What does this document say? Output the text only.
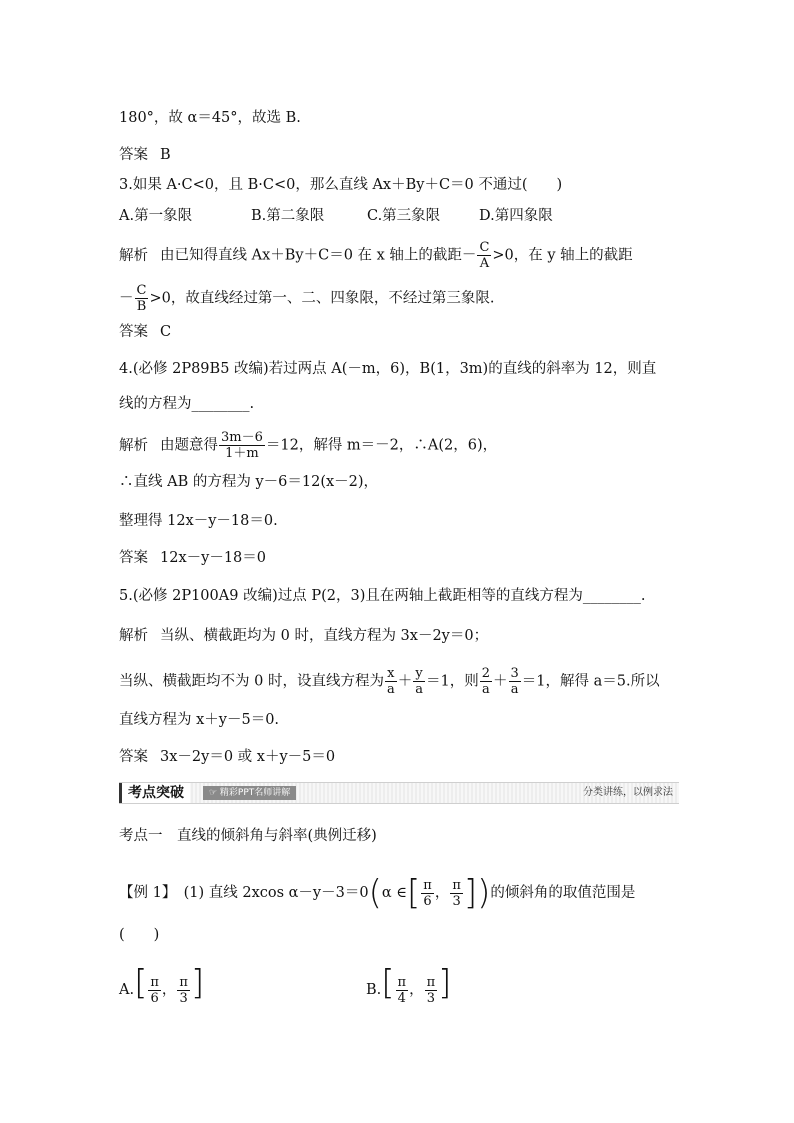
180°，故 α＝45°，故选 B.
答案 B
3.如果 A·C<0，且 B·C<0，那么直线 Ax＋By＋C＝0 不通过(　　)
A.第一象限	B.第二象限	C.第三象限	D.第四象限
解析 由已知得直线 Ax＋By＋C＝0 在 x 轴上的截距－ $\frac{C}{A} >0$，在 y 轴上的截距
－ $\frac{C}{B} >0$，故直线经过第一、二、四象限，不经过第三象限.
答案 C
4.(必修 2P89B5 改编)若过两点 A(－m，6)，B(1，3m)的直线的斜率为 12，则直
线的方程为________.
解析 由题意得 $\frac{3m-6}{1+m} =12$，解得 m＝－2，∴A(2，6)，
∴直线 AB 的方程为 y－6＝12(x－2)，
整理得 12x－y－18＝0.
答案 12x－y－18＝0
5.(必修 2P100A9 改编)过点 P(2，3)且在两轴上截距相等的直线方程为________.
解析 当纵、横截距均为 0 时，直线方程为 3x－2y＝0；
当纵、横截距均不为 0 时，设直线方程为 $\frac{x}{a} + \frac{y}{a} =1$，则 $\frac{2}{a} + \frac{3}{a} =1$，解得 a＝5.所以
直线方程为 x＋y－5＝0.
答案 3x－2y＝0 或 x＋y－5＝0
考点突破	☞ 精彩PPT名师讲解	分类讲练，以例求法
考点一　直线的倾斜角与斜率(典例迁移)
【例 1】　(1) 直线 2xcos α－y－3＝0 ( α ∈ [ $\frac{\pi}{6}$ ， $\frac{\pi}{3}$ ] ) 的倾斜角的取值范围是
(　　)
$A.[ \frac{\pi}{6}$ ， $\frac{\pi}{3}$ ]	$B.[ \frac{\pi}{4}$ ， $\frac{\pi}{3}$ ]
